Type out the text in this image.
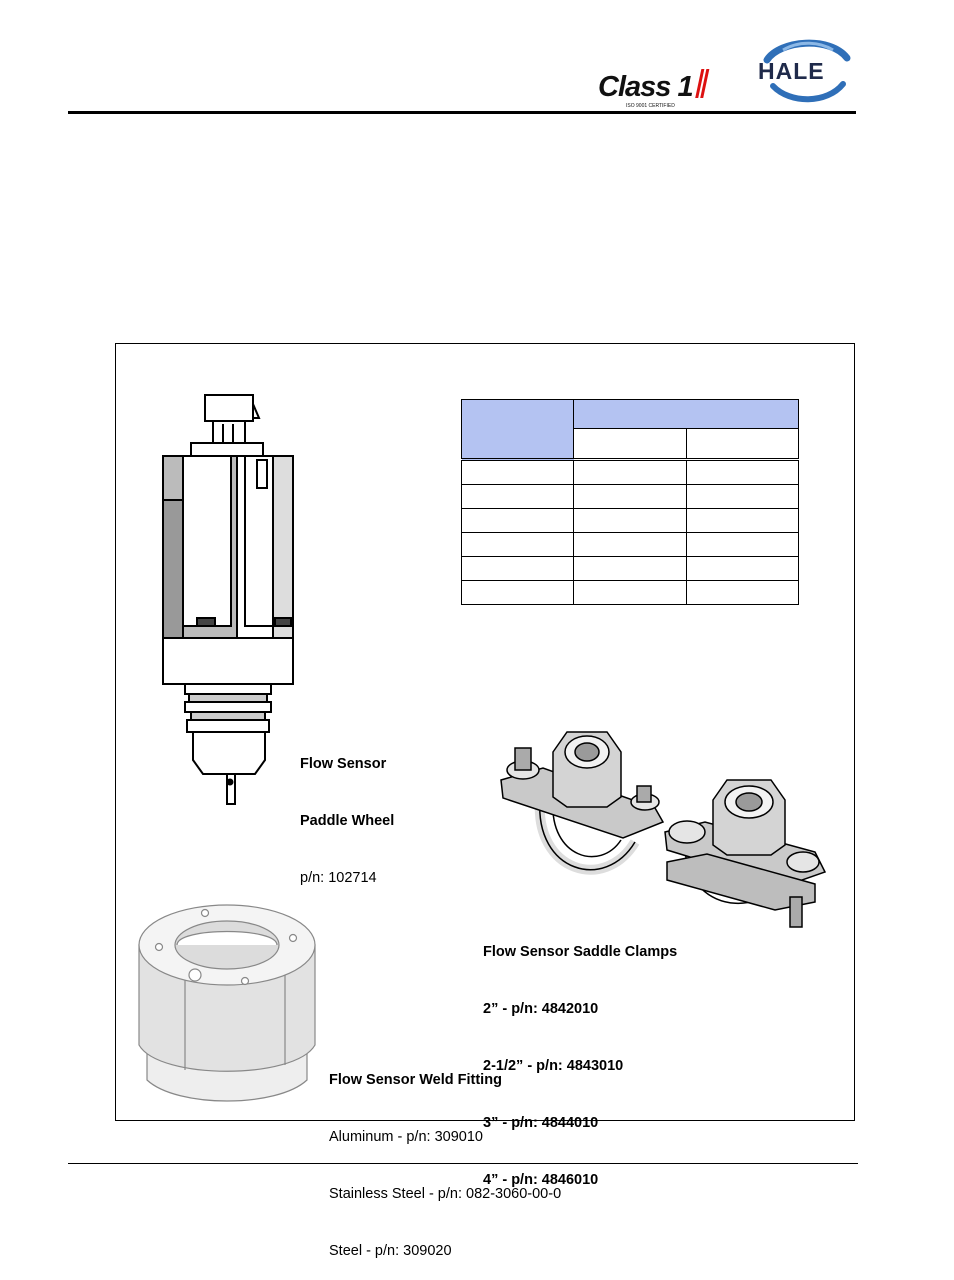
Class 1
ISO 9001 CERTIFIED
HALE

Flow Sensor

Paddle Wheel

p/n: 102714

Flow Sensor Saddle Clamps

2” - p/n: 4842010

2-1/2” - p/n: 4843010

3” - p/n: 4844010

4” - p/n: 4846010

Flow Sensor Weld Fitting

Aluminum - p/n: 309010

Stainless Steel - p/n: 082-3060-00-0

Steel - p/n: 309020
